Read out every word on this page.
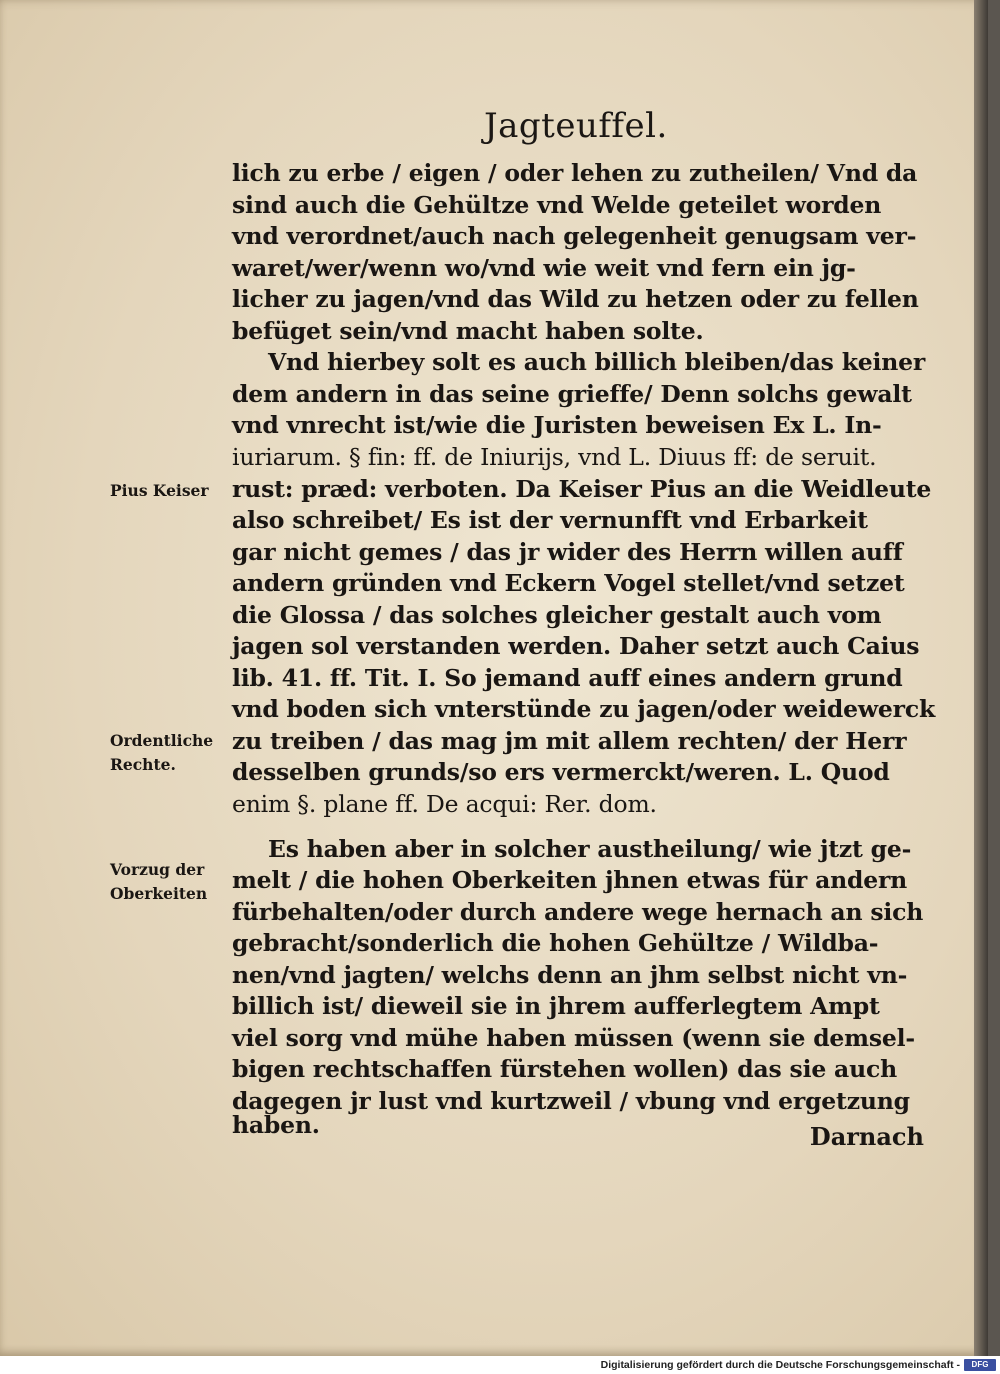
Jagteuffel.
lich zu erbe / eigen / oder lehen zu zutheilen/ Vnd da
sind auch die Gehültze vnd Welde geteilet worden
vnd verordnet/auch nach gelegenheit genugsam ver-
waret/wer/wenn wo/vnd wie weit vnd fern ein jg-
licher zu jagen/vnd das Wild zu hetzen oder zu fellen
befüget sein/vnd macht haben solte.
Vnd hierbey solt es auch billich bleiben/das keiner
dem andern in das seine grieffe/ Denn solchs gewalt
vnd vnrecht ist/wie die Juristen beweisen Ex L. In-
iuriarum. § fin: ff. de Iniurijs, vnd L. Diuus ff: de seruit.
rust: præd: verboten. Da Keiser Pius an die Weidleute
also schreibet/ Es ist der vernunfft vnd Erbarkeit
gar nicht gemes / das jr wider des Herrn willen auff
andern gründen vnd Eckern Vogel stellet/vnd setzet
die Glossa / das solches gleicher gestalt auch vom
jagen sol verstanden werden. Daher setzt auch Caius
lib. 41. ff. Tit. I. So jemand auff eines andern grund
vnd boden sich vnterstünde zu jagen/oder weidewerck
zu treiben / das mag jm mit allem rechten/ der Herr
desselben grunds/so ers vermerckt/weren. L. Quod
enim §. plane ff. De acqui: Rer. dom.
Es haben aber in solcher austheilung/ wie jtzt ge-
melt / die hohen Oberkeiten jhnen etwas für andern
fürbehalten/oder durch andere wege hernach an sich
gebracht/sonderlich die hohen Gehültze / Wildba-
nen/vnd jagten/ welchs denn an jhm selbst nicht vn-
billich ist/ dieweil sie in jhrem aufferlegtem Ampt
viel sorg vnd mühe haben müssen (wenn sie demsel-
bigen rechtschaffen fürstehen wollen) das sie auch
dagegen jr lust vnd kurtzweil / vbung vnd ergetzung
haben.
Pius Keiser
Ordentliche
Rechte.
Vorzug der
Oberkeiten
Darnach
Digitalisierung gefördert durch die Deutsche Forschungsgemeinschaft -	DFG
